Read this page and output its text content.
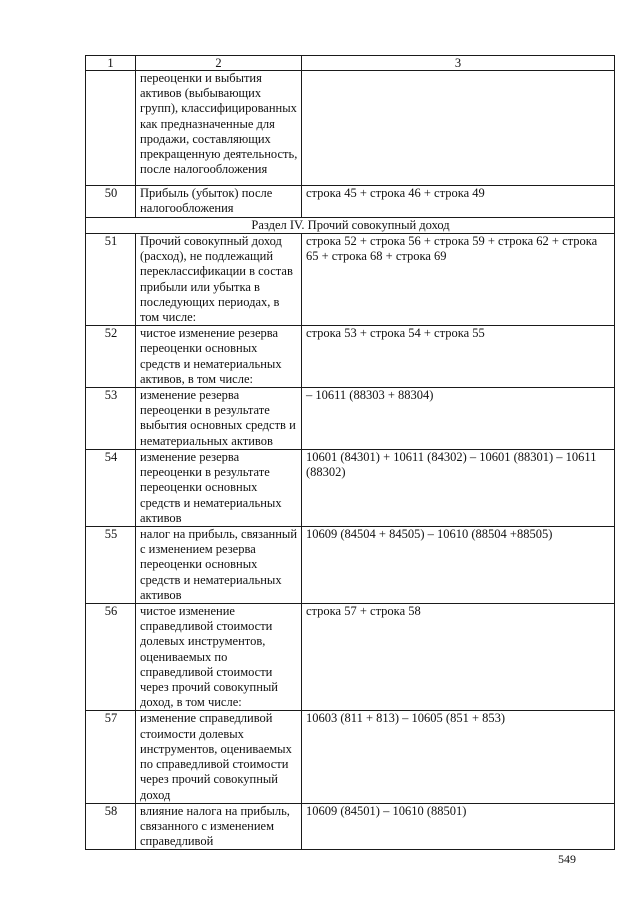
1	2	3
	переоценки и выбытия активов (выбывающих групп), классифицированных как предназначенные для продажи, составляющих прекращенную деятельность, после налогообложения	
50	Прибыль (убыток) после налогообложения	строка 45 + строка 46 + строка 49
Раздел IV. Прочий совокупный доход		
51	Прочий совокупный доход (расход), не подлежащий переклассификации в состав прибыли или убытка в последующих периодах, в том числе:	строка 52 + строка 56 + строка 59 + строка 62 + строка 65 + строка 68 + строка 69
52	чистое изменение резерва переоценки основных средств и нематериальных активов, в том числе:	строка 53 + строка 54 + строка 55
53	изменение резерва переоценки в результате выбытия основных средств и нематериальных активов	– 10611 (88303 + 88304)
54	изменение резерва переоценки в результате переоценки основных средств и нематериальных активов	10601 (84301) + 10611 (84302) – 10601 (88301) – 10611 (88302)
55	налог на прибыль, связанный с изменением резерва переоценки основных средств и нематериальных активов	10609 (84504 + 84505) – 10610 (88504 +88505)
56	чистое изменение справедливой стоимости долевых инструментов, оцениваемых по справедливой стоимости через прочий совокупный доход, в том числе:	строка 57 + строка 58
57	изменение справедливой стоимости долевых инструментов, оцениваемых по справедливой стоимости через прочий совокупный доход	10603 (811 + 813) – 10605 (851 + 853)
58	влияние налога на прибыль, связанного с изменением справедливой	10609 (84501) – 10610 (88501)
549
